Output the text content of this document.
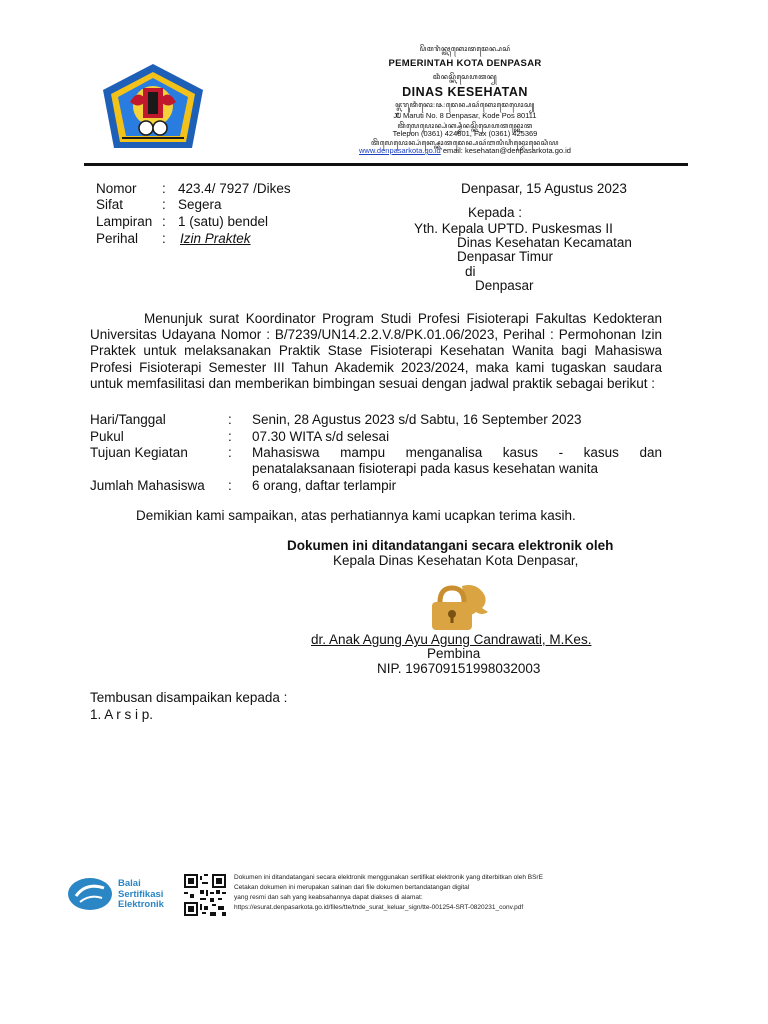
ꦥꦼꦩꦫꦶꦤ꧀ꦠꦃꦏꦺꦴꦠꦢꦺꦤ꧀ꦥꦱꦂ
PEMERINTAH KOTA DENPASAR
ꦢꦶꦤꦱ꧀ꦏꦼꦱꦺꦲꦠꦤ꧀
DINAS KESEHATAN
ꦗ꧀ꦭ꧀ꦩꦫꦸꦠꦶꦤꦺꦴ꧇꧘꧇ꦢꦺꦤ꧀ꦥꦱꦂꦏꦺꦴꦢꦺꦥꦺꦴꦱ꧀
Jl. Maruti No. 8 Denpasar, Kode Pos 80111
ꦠꦼꦭꦺꦥꦺꦴꦤ꧀ꦥ꦳ꦏ꧀ꦱ꧀ꦢꦶꦤꦱ꧀ꦏꦼꦱꦺꦲꦠꦤ꧀ꦏꦺꦴꦠ
Telepon (0361) 424801, Fax (0361) 425369
ꦠꦼꦭꦺꦥꦺꦴꦤ꧀ꦥ꦳ꦏ꧀ꦱ꧀ꦏꦺꦴꦠꦢꦺꦤ꧀ꦥꦱꦂꦧꦭꦶꦲꦶꦤ꧀ꦢꦺꦴꦤꦺꦱꦶꦪ
www.denpasarkota.go.id email: kesehatan@denpasarkota.go.id
Nomor : 423.4/ 7927 /Dikes
Sifat	: Segera
Lampiran : 1 (satu) bendel
Perihal : Izin Praktek
Denpasar, 15 Agustus 2023
Kepada :
Yth. Kepala UPTD. Puskesmas II
Dinas Kesehatan Kecamatan
Denpasar Timur
di
Denpasar
Menunjuk surat Koordinator Program Studi Profesi Fisioterapi Fakultas Kedokteran Universitas Udayana Nomor : B/7239/UN14.2.2.V.8/PK.01.06/2023, Perihal : Permohonan Izin Praktek untuk melaksanakan Praktik Stase Fisioterapi Kesehatan Wanita bagi Mahasiswa Profesi Fisioterapi Semester III Tahun Akademik 2023/2024, maka kami tugaskan saudara untuk memfasilitasi dan memberikan bimbingan sesuai dengan jadwal praktik sebagai berikut :
Hari/Tanggal	: Senin, 28 Agustus 2023 s/d Sabtu, 16 September 2023
Pukul	: 07.30 WITA s/d selesai
Tujuan Kegiatan	: Mahasiswa mampu menganalisa kasus - kasus dan penatalaksanaan fisioterapi pada kasus kesehatan wanita
Jumlah Mahasiswa : 6 orang, daftar terlampir
Demikian kami sampaikan, atas perhatiannya kami ucapkan terima kasih.
Dokumen ini ditandatangani secara elektronik oleh
Kepala Dinas Kesehatan Kota Denpasar,
dr. Anak Agung Ayu Agung Candrawati, M.Kes.
Pembina
NIP. 196709151998032003
Tembusan disampaikan kepada :
1. A r s i p.
Balai
Sertifikasi
Elektronik
Dokumen ini ditandatangani secara elektronik menggunakan sertifikat elektronik yang diterbitkan oleh BSrE
Cetakan dokumen ini merupakan salinan dari file dokumen bertandatangan digital
yang resmi dan sah yang keabsahannya dapat diakses di alamat:
https://esurat.denpasarkota.go.id/files/tte/tnde_surat_keluar_sign/tte-001254-SRT-0820231_conv.pdf
